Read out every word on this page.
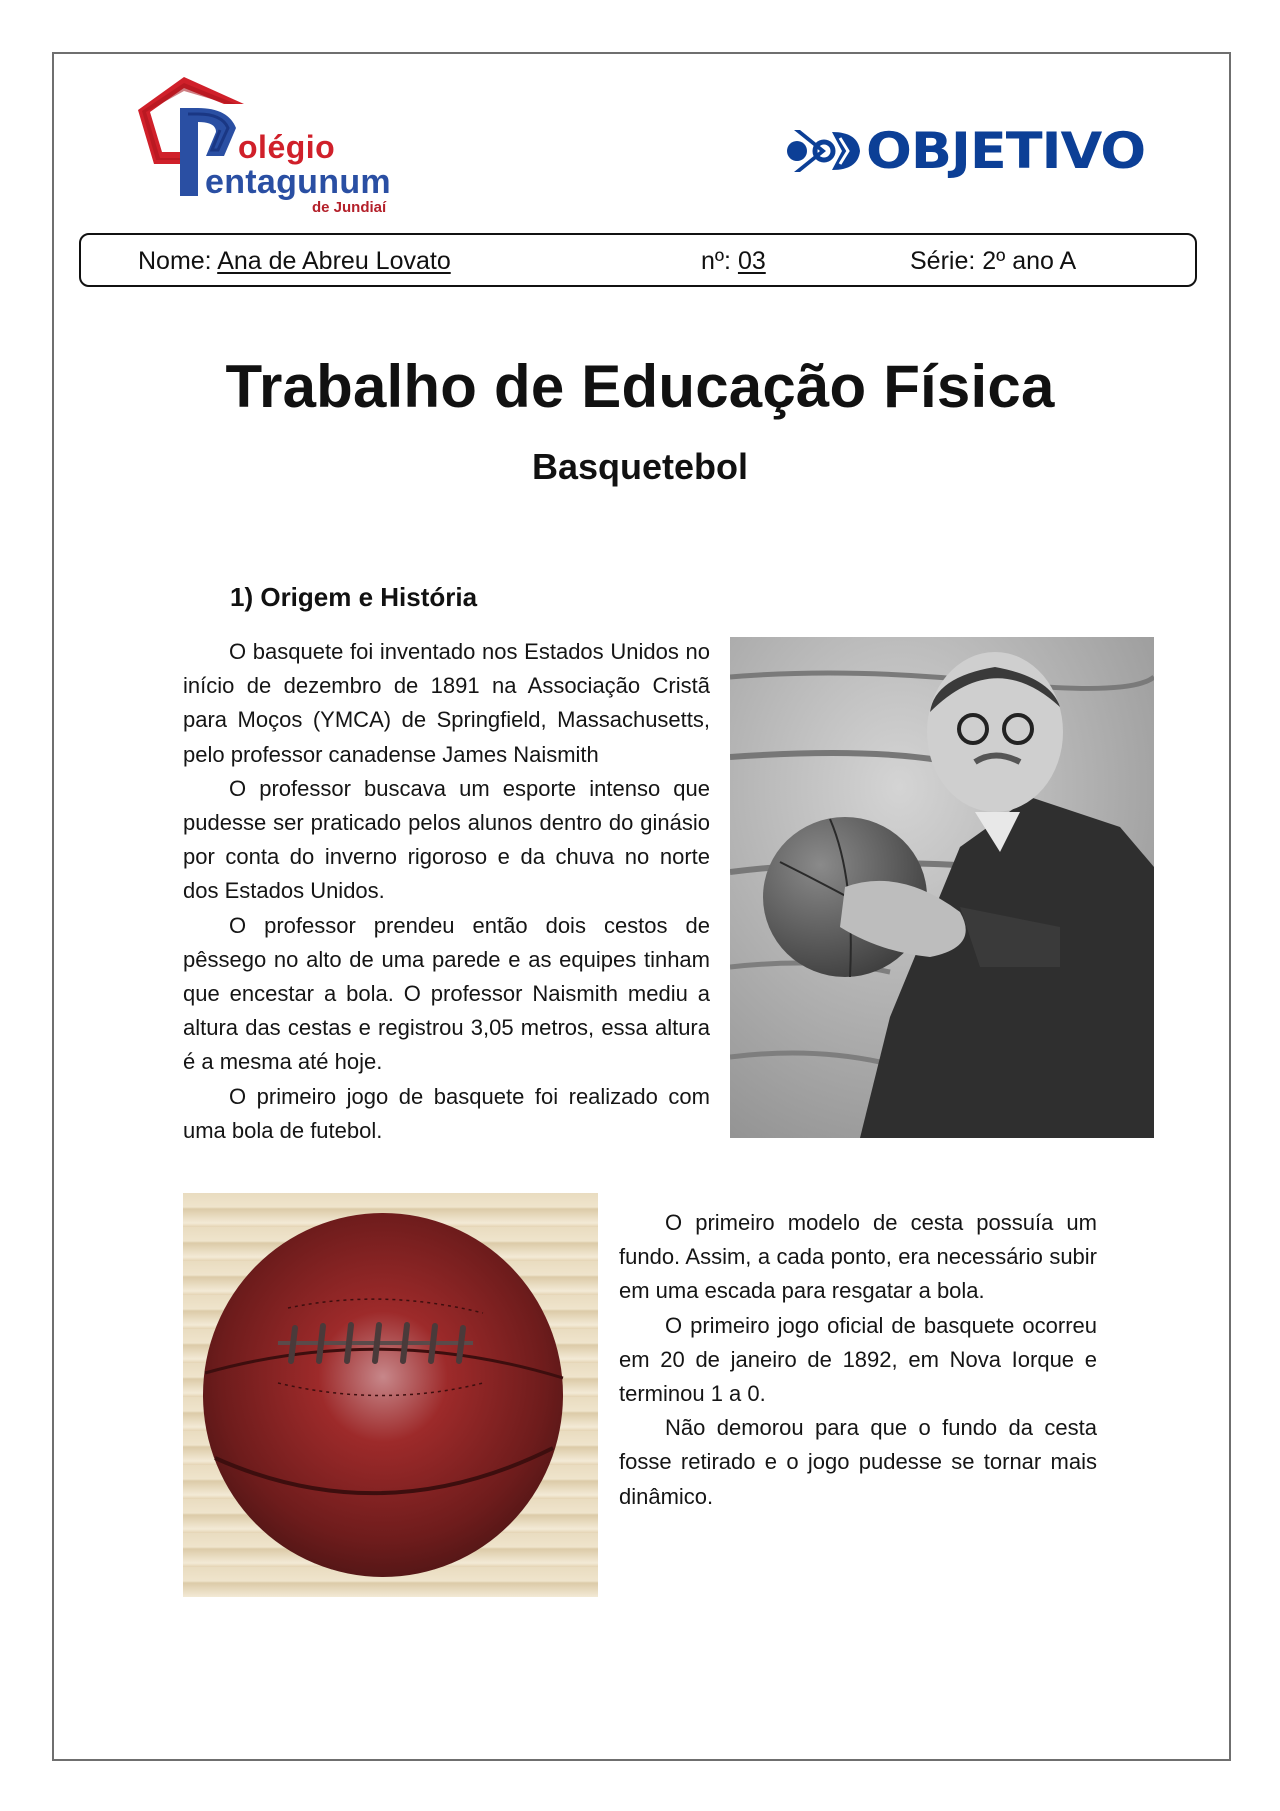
olégio
entagunum
de Jundiaí
OBJETIVO
Nome: Ana de Abreu Lovato	nº: 03	Série: 2º ano A
Trabalho de Educação Física
Basquetebol
1) Origem e História

O basquete foi inventado nos Estados Unidos no início de dezembro de 1891 na Associação Cristã para Moços (YMCA) de Springfield, Massachusetts, pelo professor canadense James Naismith

O professor buscava um esporte intenso que pudesse ser praticado pelos alunos dentro do ginásio por conta do inverno rigoroso e da chuva no norte dos Estados Unidos.

O professor prendeu então dois cestos de pêssego no alto de uma parede e as equipes tinham que encestar a bola. O professor Naismith mediu a altura das cestas e registrou 3,05 metros, essa altura é a mesma até hoje.

O primeiro jogo de basquete foi realizado com uma bola de futebol.

O primeiro modelo de cesta possuía um fundo. Assim, a cada ponto, era necessário subir em uma escada para resgatar a bola.

O primeiro jogo oficial de basquete ocorreu em 20 de janeiro de 1892, em Nova Iorque e terminou 1 a 0.

Não demorou para que o fundo da cesta fosse retirado e o jogo pudesse se tornar mais dinâmico.
